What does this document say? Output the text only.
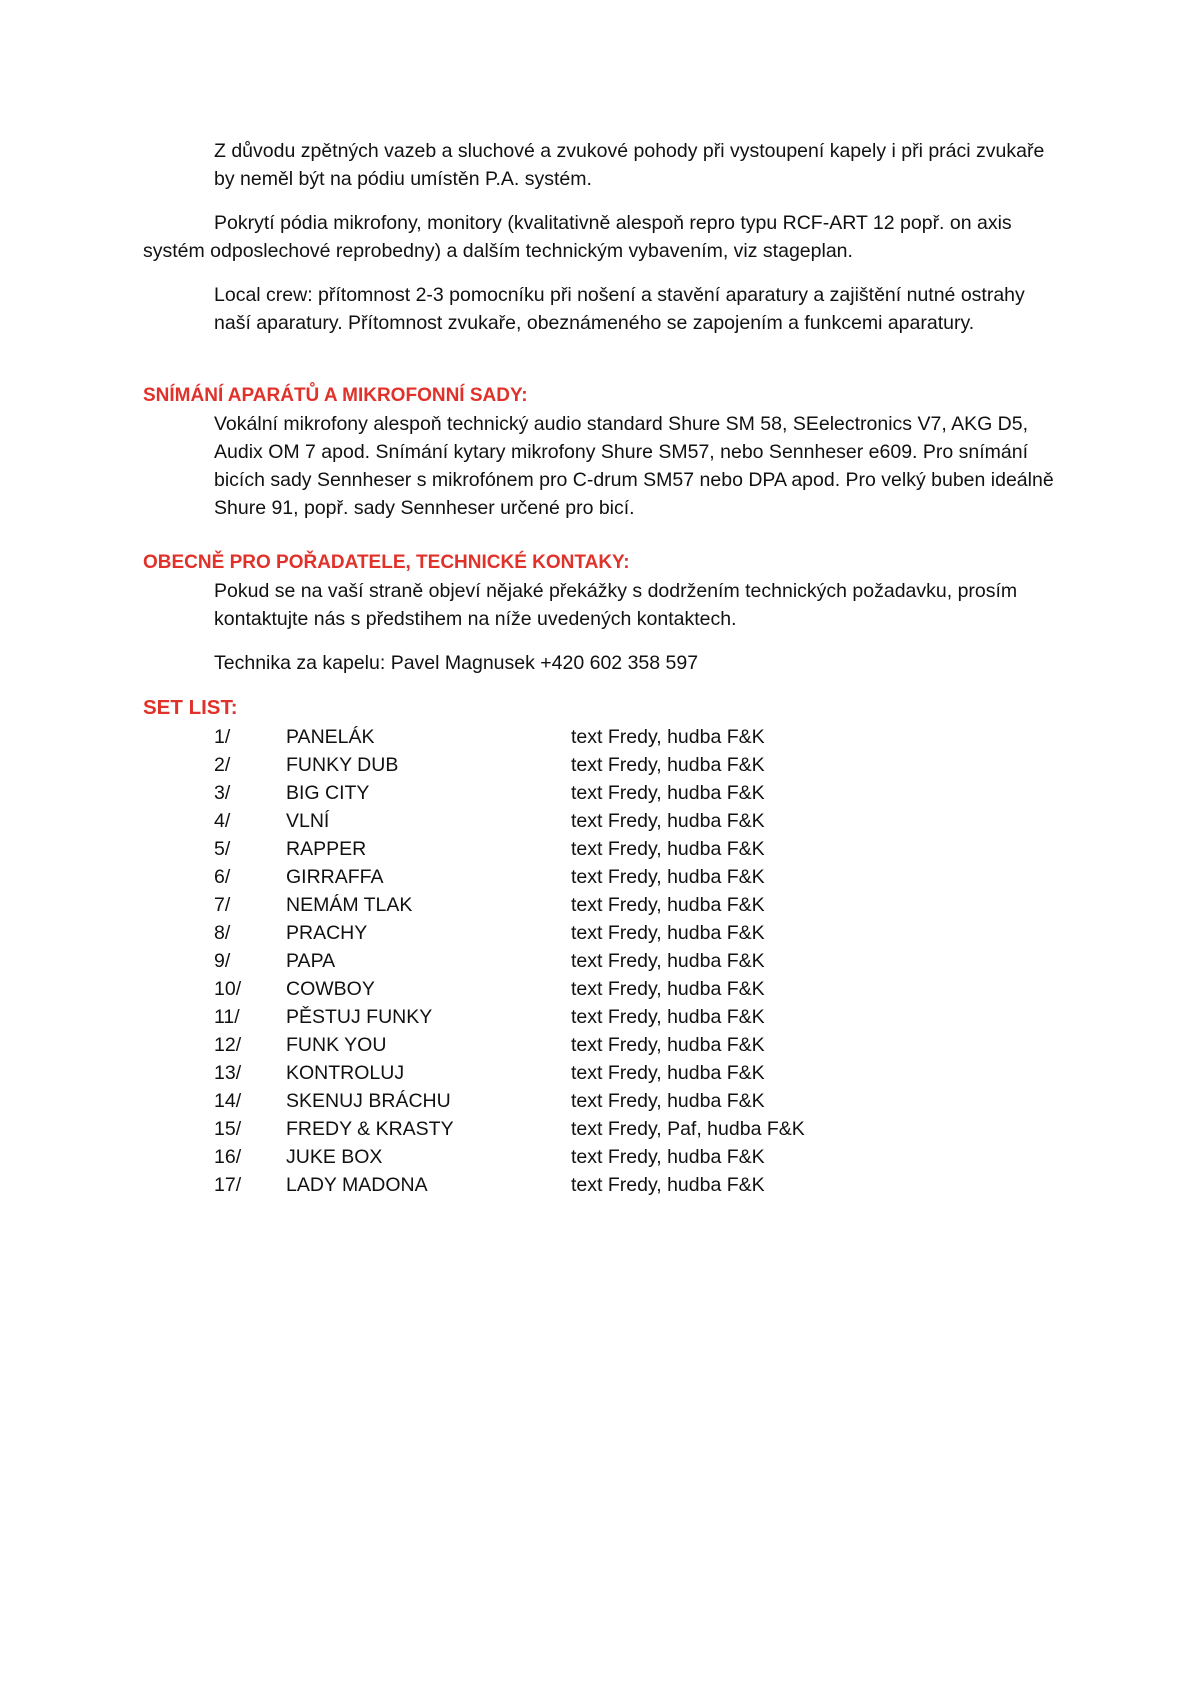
Z důvodu zpětných vazeb a sluchové a zvukové pohody při vystoupení kapely i při práci zvukaře by neměl být na pódiu umístěn P.A. systém.

Pokrytí pódia mikrofony, monitory (kvalitativně alespoň repro typu RCF-ART 12 popř. on axis systém odposlechové reprobedny) a dalším technickým vybavením, viz stageplan.

Local crew: přítomnost 2-3 pomocníku při nošení a stavění aparatury a zajištění nutné ostrahy naší aparatury. Přítomnost zvukaře, obeznámeného se zapojením a funkcemi aparatury.

SNÍMÁNÍ APARÁTŮ A MIKROFONNÍ SADY:

Vokální mikrofony alespoň technický audio standard Shure SM 58, SEelectronics V7, AKG D5, Audix OM 7 apod. Snímání kytary mikrofony Shure SM57, nebo Sennheser e609. Pro snímání bicích sady Sennheser s mikrofónem pro C-drum SM57 nebo DPA apod. Pro velký buben ideálně Shure 91, popř. sady Sennheser určené pro bicí.

OBECNĚ PRO POŘADATELE, TECHNICKÉ KONTAKY:

Pokud se na vaší straně objeví nějaké překážky s dodržením technických požadavku, prosím kontaktujte nás s předstihem na níže uvedených kontaktech.

Technika za kapelu: Pavel Magnusek +420 602 358 597

SET LIST:
1/	PANELÁK	text Fredy, hudba F&K
2/	FUNKY DUB	text Fredy, hudba F&K
3/	BIG CITY	text Fredy, hudba F&K
4/	VLNÍ	text Fredy, hudba F&K
5/	RAPPER	text Fredy, hudba F&K
6/	GIRRAFFA	text Fredy, hudba F&K
7/	NEMÁM TLAK	text Fredy, hudba F&K
8/	PRACHY	text Fredy, hudba F&K
9/	PAPA	text Fredy, hudba F&K
10/ COWBOY	text Fredy, hudba F&K
11/ PĚSTUJ FUNKY	text Fredy, hudba F&K
12/ FUNK YOU	text Fredy, hudba F&K
13/ KONTROLUJ	text Fredy, hudba F&K
14/ SKENUJ BRÁCHU	text Fredy, hudba F&K
15/ FREDY & KRASTY	text Fredy, Paf, hudba F&K
16/ JUKE BOX	text Fredy, hudba F&K
17/ LADY MADONA	text Fredy, hudba F&K
